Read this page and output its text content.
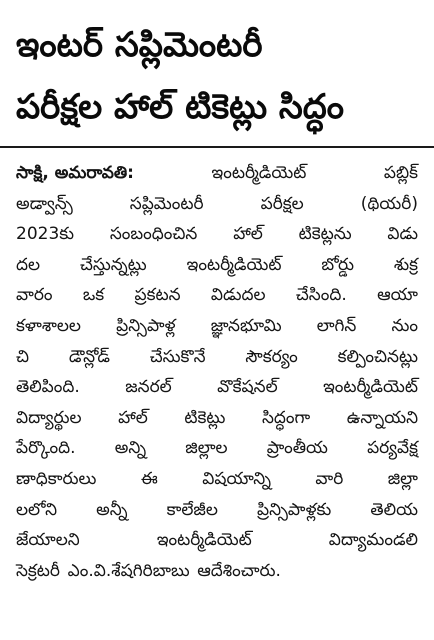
ఇంటర్ సప్లిమెంటరీ
పరీక్షల హాల్ టికెట్లు సిద్ధం
సాక్షి, అమరావతి:	ఇంటర్మీడియెట్	పబ్లిక్
అడ్వాన్స్	సప్లిమెంటరీ	పరీక్షల	(థియరీ)
2023కు సంబంధించిన హాల్ టికెట్లను విడు
దల చేస్తున్నట్లు ఇంటర్మీడియెట్ బోర్డు శుక్ర
వారం ఒక ప్రకటన విడుదల చేసింది. ఆయా
కళాశాలల ప్రిన్సిపాళ్ల జ్ఞానభూమి లాగిన్ నుం
చి డౌన్లోడ్ చేసుకొనే సౌకర్యం కల్పించినట్లు
తెలిపింది.	జనరల్	వొకేషనల్	ఇంటర్మీడియెట్
విద్యార్థుల హాల్ టికెట్లు సిద్ధంగా ఉన్నాయని
పేర్కొంది. అన్ని జిల్లాల ప్రాంతీయ పర్యవేక్ష
ణాధికారులు	ఈ	విషయాన్ని	వారి	జిల్లా
లలోని అన్నీ కాలేజీల ప్రిన్సిపాళ్లకు తెలియ
జేయాలని	ఇంటర్మీడియెట్	విద్యామండలి
సెక్రటరీ ఎం.వి.శేషగిరిబాబు ఆదేశించారు.
